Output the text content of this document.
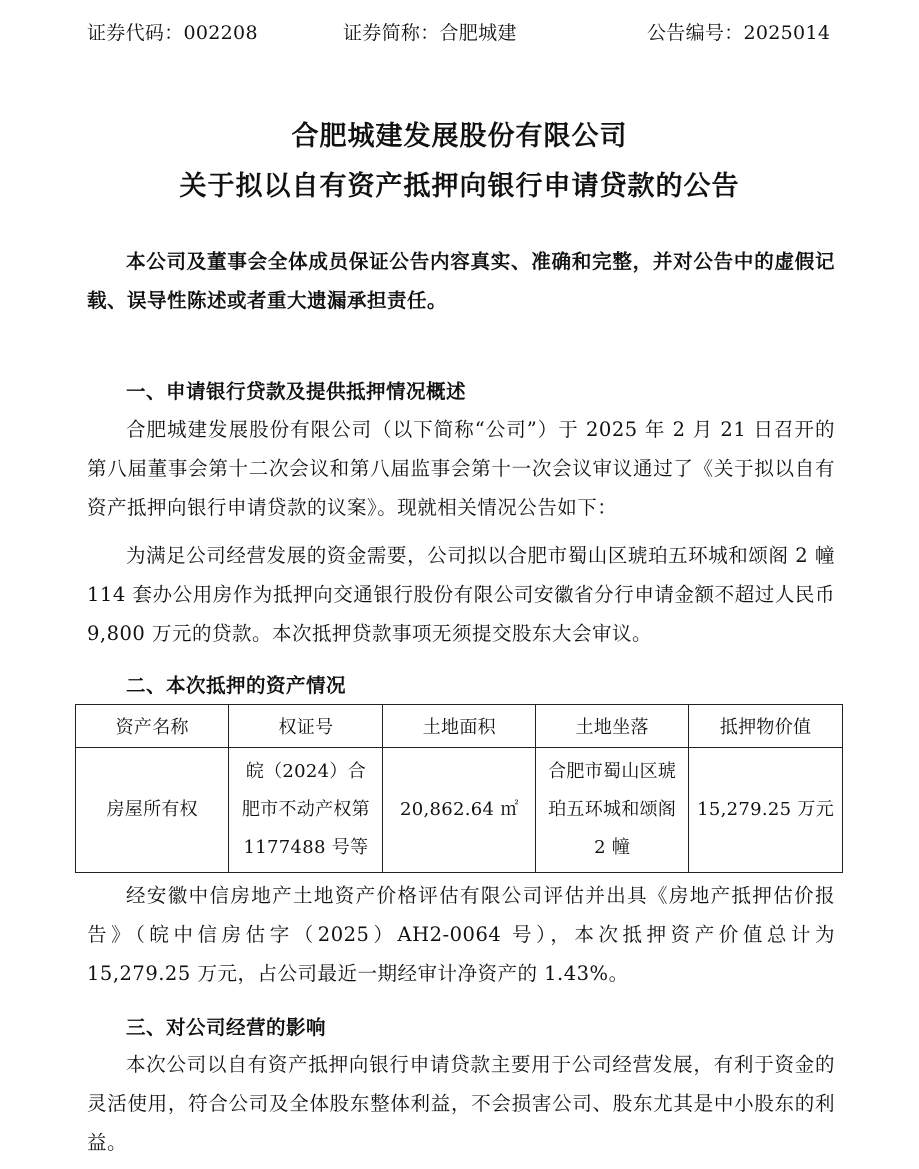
证券代码：002208	证券简称：合肥城建	公告编号：2025014
合肥城建发展股份有限公司
关于拟以自有资产抵押向银行申请贷款的公告
本公司及董事会全体成员保证公告内容真实、准确和完整，并对公告中的虚假记载、误导性陈述或者重大遗漏承担责任。
一、申请银行贷款及提供抵押情况概述
合肥城建发展股份有限公司（以下简称“公司”）于 2025 年 2 月 21 日召开的第八届董事会第十二次会议和第八届监事会第十一次会议审议通过了《关于拟以自有资产抵押向银行申请贷款的议案》。现就相关情况公告如下：
为满足公司经营发展的资金需要，公司拟以合肥市蜀山区琥珀五环城和颂阁 2 幢 114 套办公用房作为抵押向交通银行股份有限公司安徽省分行申请金额不超过人民币 9,800 万元的贷款。本次抵押贷款事项无须提交股东大会审议。
二、本次抵押的资产情况
资产名称	权证号	土地面积	土地坐落	抵押物价值
房屋所有权	皖（2024）合肥市不动产权第 1177488 号等	20,862.64 ㎡	合肥市蜀山区琥珀五环城和颂阁 2 幢	15,279.25 万元
经安徽中信房地产土地资产价格评估有限公司评估并出具《房地产抵押估价报告》（皖中信房估字（2025）AH2-0064 号），本次抵押资产价值总计为 15,279.25 万元，占公司最近一期经审计净资产的 1.43%。
三、对公司经营的影响
本次公司以自有资产抵押向银行申请贷款主要用于公司经营发展，有利于资金的灵活使用，符合公司及全体股东整体利益，不会损害公司、股东尤其是中小股东的利益。
